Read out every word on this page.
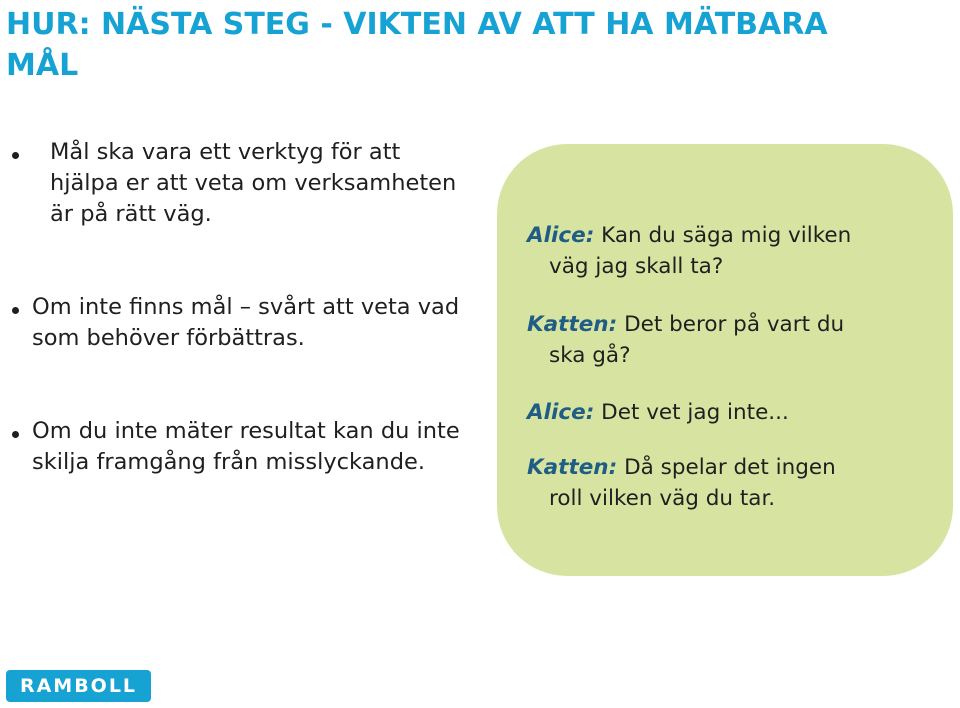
HUR: NÄSTA STEG - VIKTEN AV ATT HA MÄTBARA MÅL
Mål ska vara ett verktyg för att hjälpa er att veta om verksamheten är på rätt väg.
Om inte finns mål – svårt att veta vad som behöver förbättras.
Om du inte mäter resultat kan du inte skilja framgång från misslyckande.

Alice: Kan du säga mig vilken
väg jag skall ta?

Katten: Det beror på vart du
ska gå?

Alice: Det vet jag inte...

Katten: Då spelar det ingen
roll vilken väg du tar.

RAMBOLL
